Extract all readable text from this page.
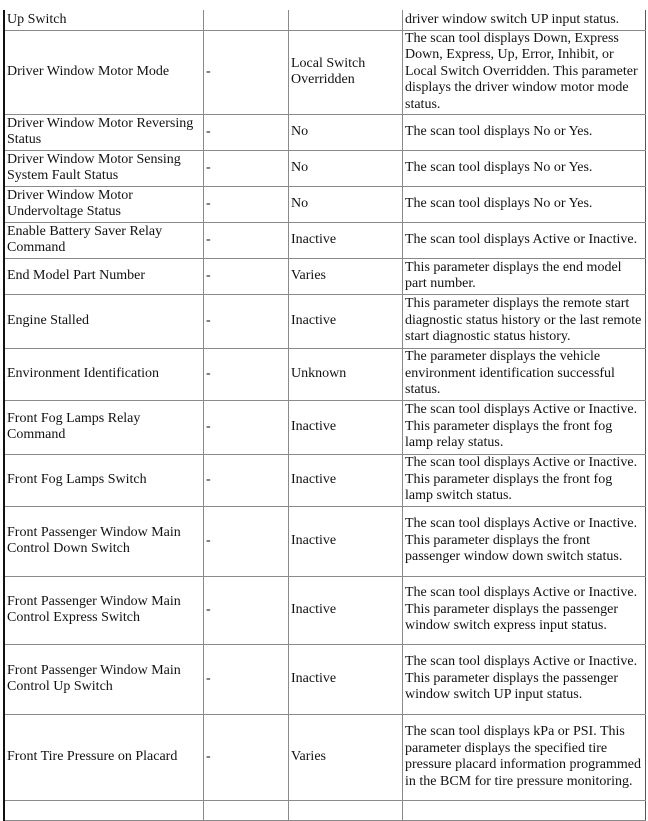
Up Switch			driver window switch UP input status.
Driver Window Motor Mode	-	Local Switch Overridden	The scan tool displays Down, Express Down, Express, Up, Error, Inhibit, or Local Switch Overridden. This parameter displays the driver window motor mode status.
Driver Window Motor Reversing Status	-	No	The scan tool displays No or Yes.
Driver Window Motor Sensing System Fault Status	-	No	The scan tool displays No or Yes.
Driver Window Motor Undervoltage Status	-	No	The scan tool displays No or Yes.
Enable Battery Saver Relay Command	-	Inactive	The scan tool displays Active or Inactive.
End Model Part Number	-	Varies	This parameter displays the end model part number.
Engine Stalled	-	Inactive	This parameter displays the remote start diagnostic status history or the last remote start diagnostic status history.
Environment Identification	-	Unknown	The parameter displays the vehicle environment identification successful status.
Front Fog Lamps Relay Command	-	Inactive	The scan tool displays Active or Inactive. This parameter displays the front fog lamp relay status.
Front Fog Lamps Switch	-	Inactive	The scan tool displays Active or Inactive. This parameter displays the front fog lamp switch status.
Front Passenger Window Main Control Down Switch	-	Inactive	The scan tool displays Active or Inactive. This parameter displays the front passenger window down switch status.
Front Passenger Window Main Control Express Switch	-	Inactive	The scan tool displays Active or Inactive. This parameter displays the passenger window switch express input status.
Front Passenger Window Main Control Up Switch	-	Inactive	The scan tool displays Active or Inactive. This parameter displays the passenger window switch UP input status.
Front Tire Pressure on Placard	-	Varies	The scan tool displays kPa or PSI. This parameter displays the specified tire pressure placard information programmed in the BCM for tire pressure monitoring.
